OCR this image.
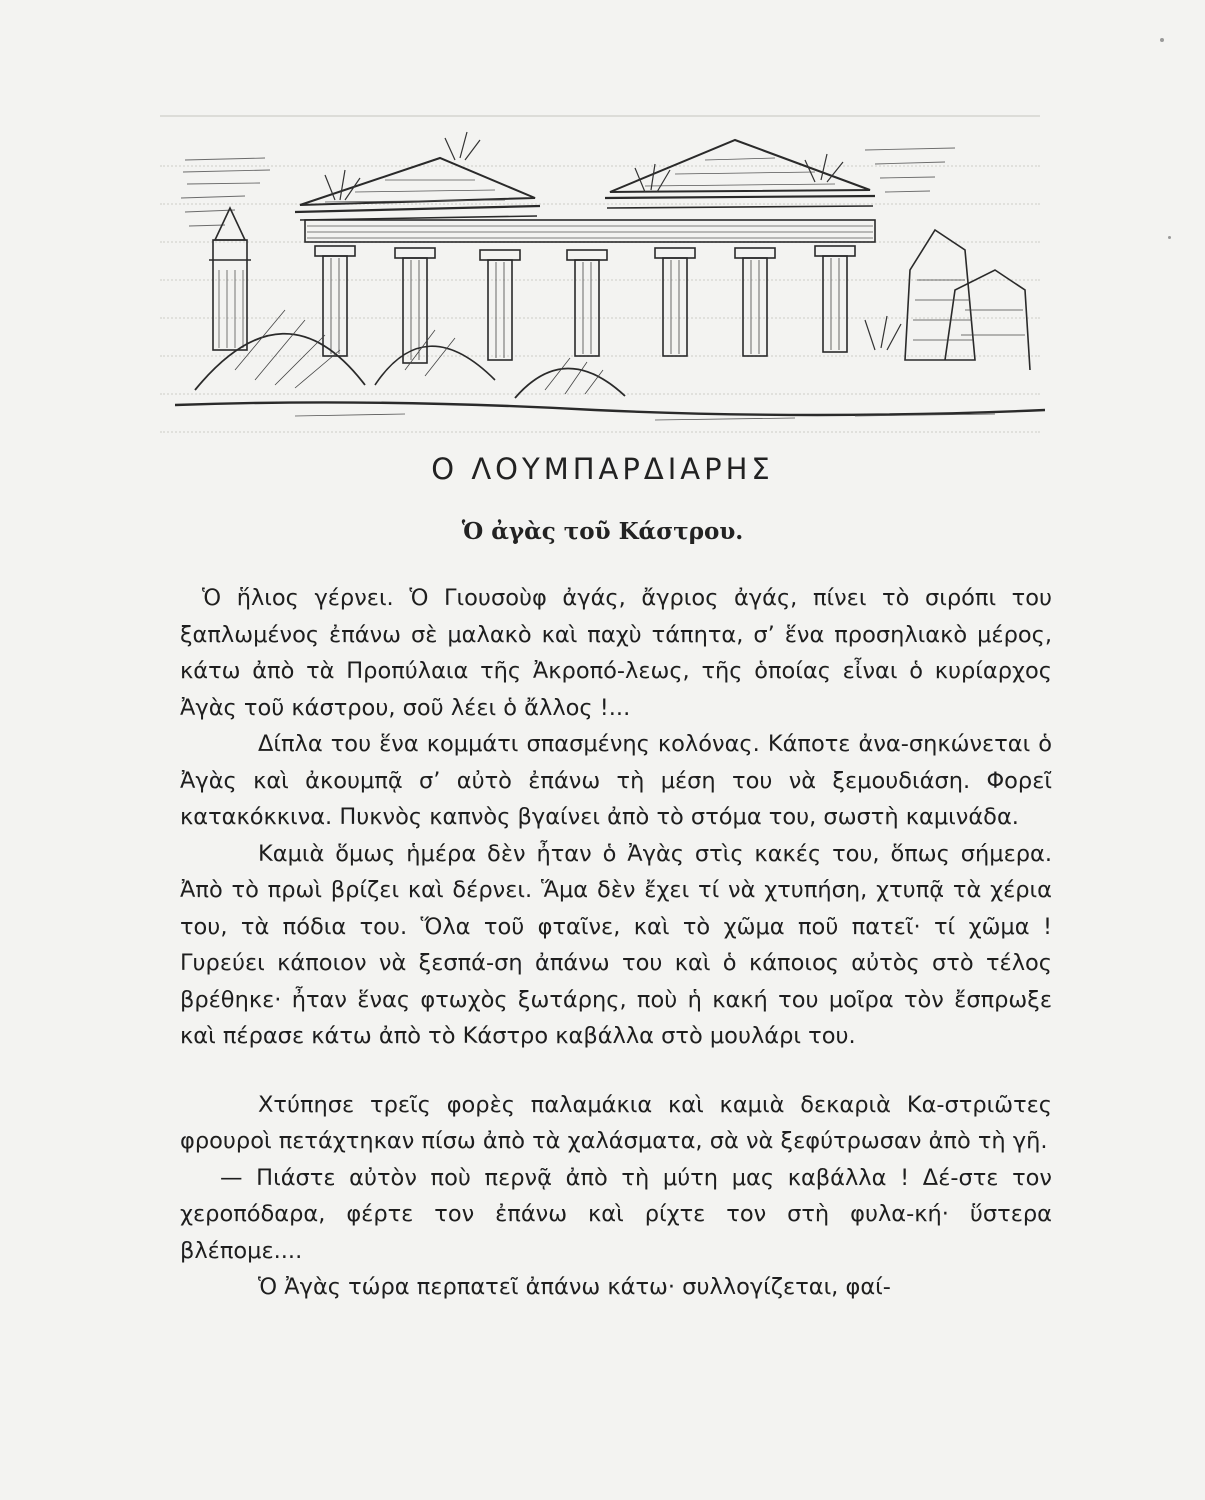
Ο ΛΟΥΜΠΑΡΔΙΑΡΗΣ
Ὁ ἀγὰς τοῦ Κάστρου.

Ὁ ἥλιος γέρνει. Ὁ Γιουσοὺφ ἀγάς, ἄγριος ἀγάς, πίνει τὸ σιρόπι του ξαπλωμένος ἐπάνω σὲ μαλακὸ καὶ παχὺ τάπητα, σ’ ἕνα προσηλιακὸ μέρος, κάτω ἀπὸ τὰ Προπύλαια τῆς Ἀκροπό-λεως, τῆς ὁποίας εἶναι ὁ κυρίαρχος Ἀγὰς τοῦ κάστρου, σοῦ λέει ὁ ἄλλος !...

Δίπλα του ἕνα κομμάτι σπασμένης κολόνας. Κάποτε ἀνα-σηκώνεται ὁ Ἀγὰς καὶ ἀκουμπᾷ σ’ αὐτὸ ἐπάνω τὴ μέση του νὰ ξεμουδιάση. Φορεῖ κατακόκκινα. Πυκνὸς καπνὸς βγαίνει ἀπὸ τὸ στόμα του, σωστὴ καμινάδα.

Καμιὰ ὅμως ἡμέρα δὲν ἦταν ὁ Ἀγὰς στὶς κακές του, ὅπως σήμερα. Ἀπὸ τὸ πρωὶ βρίζει καὶ δέρνει. Ἅμα δὲν ἔχει τί νὰ χτυπήση, χτυπᾷ τὰ χέρια του, τὰ πόδια του. Ὅλα τοῦ φταῖνε, καὶ τὸ χῶμα ποῦ πατεῖ· τί χῶμα ! Γυρεύει κάποιον νὰ ξεσπά-ση ἀπάνω του καὶ ὁ κάποιος αὐτὸς στὸ τέλος βρέθηκε· ἦταν ἕνας φτωχὸς ξωτάρης, ποὺ ἡ κακή του μοῖρα τὸν ἔσπρωξε καὶ πέρασε κάτω ἀπὸ τὸ Κάστρο καβάλλα στὸ μουλάρι του.

Χτύπησε τρεῖς φορὲς παλαμάκια καὶ καμιὰ δεκαριὰ Κα-στριῶτες φρουροὶ πετάχτηκαν πίσω ἀπὸ τὰ χαλάσματα, σὰ νὰ ξεφύτρωσαν ἀπὸ τὴ γῆ.

— Πιάστε αὐτὸν ποὺ περνᾷ ἀπὸ τὴ μύτη μας καβάλλα ! Δέ-στε τον χεροπόδαρα, φέρτε τον ἐπάνω καὶ ρίχτε τον στὴ φυλα-κή· ὕστερα βλέπομε....

Ὁ Ἀγὰς τώρα περπατεῖ ἀπάνω κάτω· συλλογίζεται, φαί-
